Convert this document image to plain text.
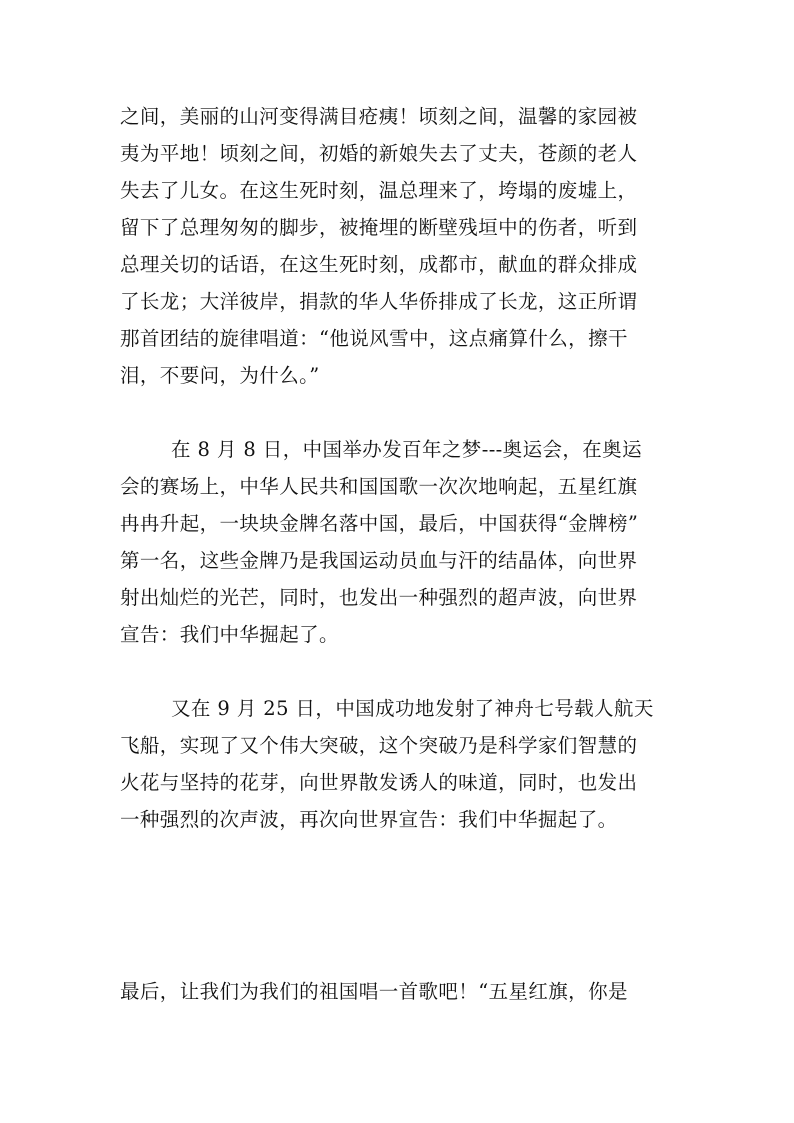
之间，美丽的山河变得满目疮痍！顷刻之间，温馨的家园被
夷为平地！顷刻之间，初婚的新娘失去了丈夫，苍颜的老人
失去了儿女。在这生死时刻，温总理来了，垮塌的废墟上，
留下了总理匆匆的脚步，被掩埋的断壁残垣中的伤者，听到
总理关切的话语，在这生死时刻，成都市，献血的群众排成
了长龙；大洋彼岸，捐款的华人华侨排成了长龙，这正所谓
那首团结的旋律唱道：“他说风雪中，这点痛算什么，擦干
泪，不要问，为什么。”
在 8 月 8 日，中国举办发百年之梦---奥运会，在奥运
会的赛场上，中华人民共和国国歌一次次地响起，五星红旗
冉冉升起，一块块金牌名落中国，最后，中国获得“金牌榜”
第一名，这些金牌乃是我国运动员血与汗的结晶体，向世界
射出灿烂的光芒，同时，也发出一种强烈的超声波，向世界
宣告：我们中华掘起了。
又在 9 月 25 日，中国成功地发射了神舟七号载人航天
飞船，实现了又个伟大突破，这个突破乃是科学家们智慧的
火花与坚持的花芽，向世界散发诱人的味道，同时，也发出
一种强烈的次声波，再次向世界宣告：我们中华掘起了。
最后，让我们为我们的祖国唱一首歌吧！“五星红旗，你是
